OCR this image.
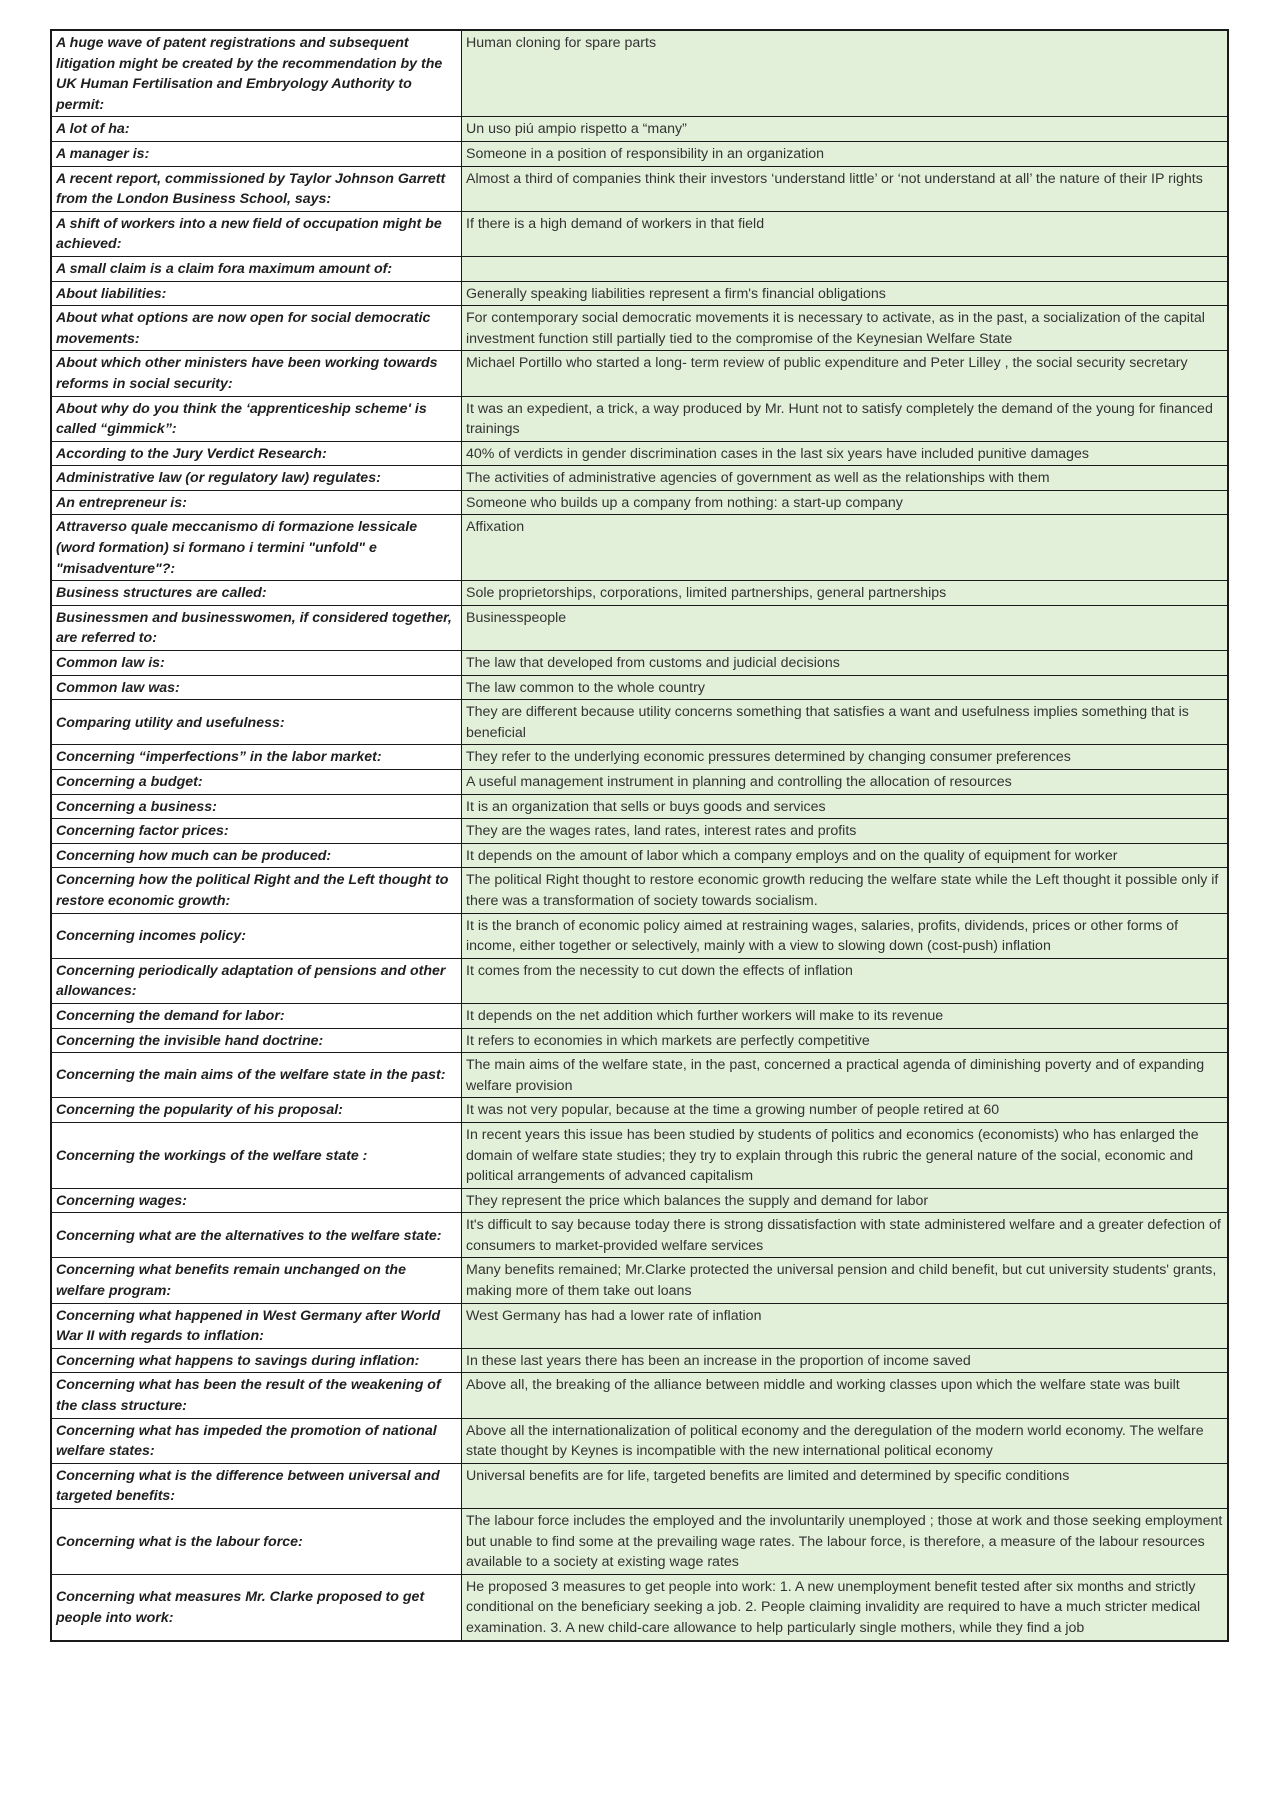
A huge wave of patent registrations and subsequent litigation might be created by the recommendation by the UK Human Fertilisation and Embryology Authority to permit:	Human cloning for spare parts
A lot of ha:	Un uso piú ampio rispetto a “many”
A manager is:	Someone in a position of responsibility in an organization
A recent report, commissioned by Taylor Johnson Garrett from the London Business School, says:	Almost a third of companies think their investors ‘understand little’ or ‘not understand at all’ the nature of their IP rights
A shift of workers into a new field of occupation might be achieved:	If there is a high demand of workers in that field
A small claim is a claim fora maximum amount of:	
About liabilities:	Generally speaking liabilities represent a firm's financial obligations
About what options are now open for social democratic movements:	For contemporary social democratic movements it is necessary to activate, as in the past, a socialization of the capital investment function still partially tied to the compromise of the Keynesian Welfare State
About which other ministers have been working towards reforms in social security:	Michael Portillo who started a long- term review of public expenditure and Peter Lilley , the social security secretary
About why do you think the ‘apprenticeship scheme' is called “gimmick”:	It was an expedient, a trick, a way produced by Mr. Hunt not to satisfy completely the demand of the young for financed trainings
According to the Jury Verdict Research:	40% of verdicts in gender discrimination cases in the last six years have included punitive damages
Administrative law (or regulatory law) regulates:	The activities of administrative agencies of government as well as the relationships with them
An entrepreneur is:	Someone who builds up a company from nothing: a start-up company
Attraverso quale meccanismo di formazione lessicale (word formation) si formano i termini "unfold" e "misadventure"?:	Affixation
Business structures are called:	Sole proprietorships, corporations, limited partnerships, general partnerships
Businessmen and businesswomen, if considered together, are referred to:	Businesspeople
Common law is:	The law that developed from customs and judicial decisions
Common law was:	The law common to the whole country
Comparing utility and usefulness:	They are different because utility concerns something that satisfies a want and usefulness implies something that is beneficial
Concerning “imperfections” in the labor market:	They refer to the underlying economic pressures determined by changing consumer preferences
Concerning a budget:	A useful management instrument in planning and controlling the allocation of resources
Concerning a business:	It is an organization that sells or buys goods and services
Concerning factor prices:	They are the wages rates, land rates, interest rates and profits
Concerning how much can be produced:	It depends on the amount of labor which a company employs and on the quality of equipment for worker
Concerning how the political Right and the Left thought to restore economic growth:	The political Right thought to restore economic growth reducing the welfare state while the Left thought it possible only if there was a transformation of society towards socialism.
Concerning incomes policy:	It is the branch of economic policy aimed at restraining wages, salaries, profits, dividends, prices or other forms of income, either together or selectively, mainly with a view to slowing down (cost-push) inflation
Concerning periodically adaptation of pensions and other allowances:	It comes from the necessity to cut down the effects of inflation
Concerning the demand for labor:	It depends on the net addition which further workers will make to its revenue
Concerning the invisible hand doctrine:	It refers to economies in which markets are perfectly competitive
Concerning the main aims of the welfare state in the past:	The main aims of the welfare state, in the past, concerned a practical agenda of diminishing poverty and of expanding welfare provision
Concerning the popularity of his proposal:	It was not very popular, because at the time a growing number of people retired at 60
Concerning the workings of the welfare state :	In recent years this issue has been studied by students of politics and economics (economists) who has enlarged the domain of welfare state studies; they try to explain through this rubric the general nature of the social, economic and political arrangements of advanced capitalism
Concerning wages:	They represent the price which balances the supply and demand for labor
Concerning what are the alternatives to the welfare state:	It's difficult to say because today there is strong dissatisfaction with state administered welfare and a greater defection of consumers to market-provided welfare services
Concerning what benefits remain unchanged on the welfare program:	Many benefits remained; Mr.Clarke protected the universal pension and child benefit, but cut university students' grants, making more of them take out loans
Concerning what happened in West Germany after World War II with regards to inflation:	West Germany has had a lower rate of inflation
Concerning what happens to savings during inflation:	In these last years there has been an increase in the proportion of income saved
Concerning what has been the result of the weakening of the class structure:	Above all, the breaking of the alliance between middle and working classes upon which the welfare state was built
Concerning what has impeded the promotion of national welfare states:	Above all the internationalization of political economy and the deregulation of the modern world economy. The welfare state thought by Keynes is incompatible with the new international political economy
Concerning what is the difference between universal and targeted benefits:	Universal benefits are for life, targeted benefits are limited and determined by specific conditions
Concerning what is the labour force:	The labour force includes the employed and the involuntarily unemployed ; those at work and those seeking employment but unable to find some at the prevailing wage rates. The labour force, is therefore, a measure of the labour resources available to a society at existing wage rates
Concerning what measures Mr. Clarke proposed to get people into work:	He proposed 3 measures to get people into work: 1. A new unemployment benefit tested after six months and strictly conditional on the beneficiary seeking a job. 2. People claiming invalidity are required to have a much stricter medical examination. 3. A new child-care allowance to help particularly single mothers, while they find a job
